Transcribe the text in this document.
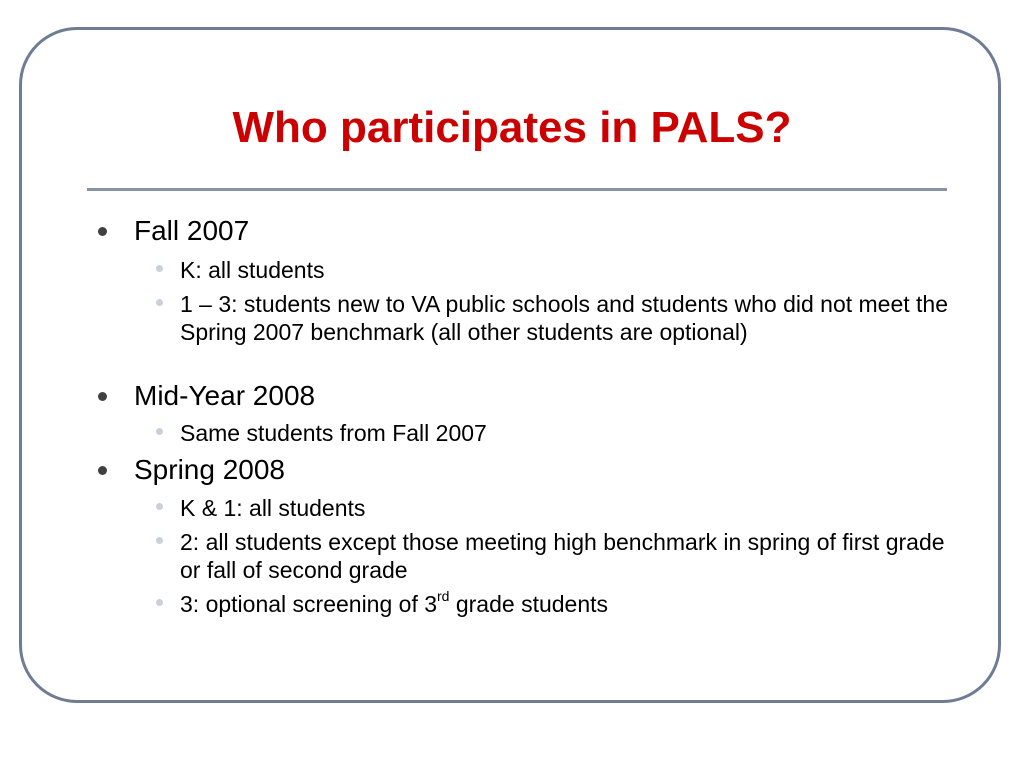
Who participates in PALS?
Fall 2007
K: all students
1 – 3: students new to VA public schools and students who did not meet the Spring 2007 benchmark (all other students are optional)
Mid-Year 2008
Same students from Fall 2007
Spring 2008
K & 1: all students
2: all students except those meeting high benchmark in spring of first grade or fall of second grade
3: optional screening of 3rd grade students
